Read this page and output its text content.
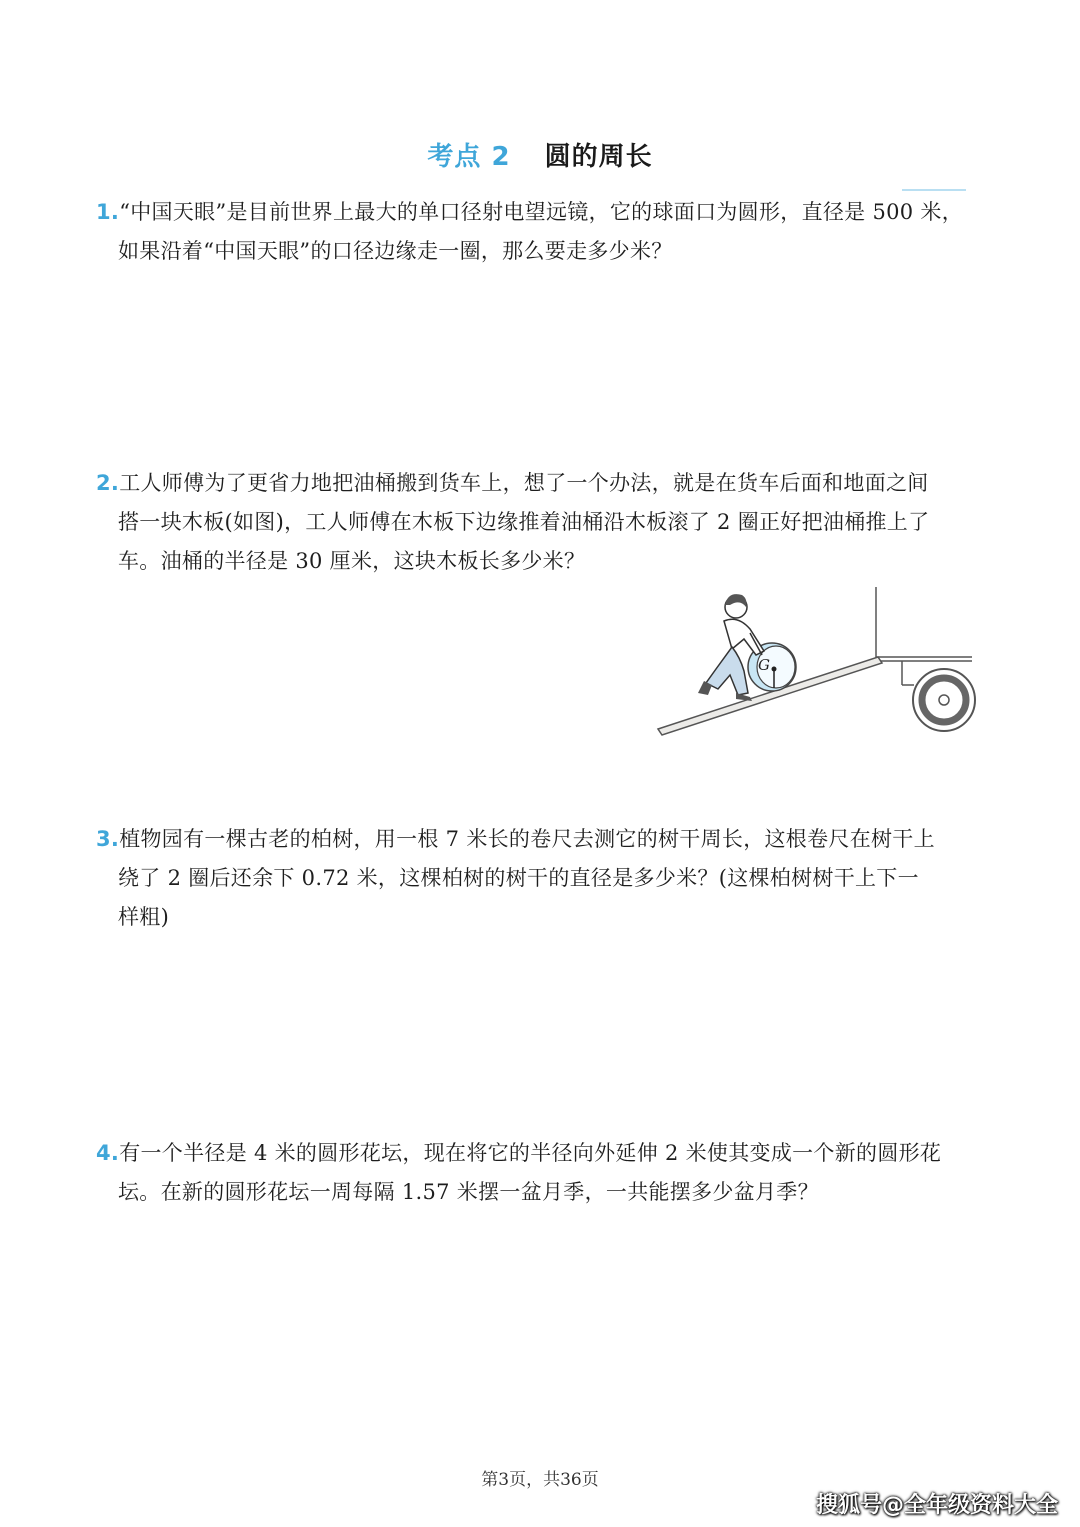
考点 2 圆的周长
1.“中国天眼”是目前世界上最大的单口径射电望远镜，它的球面口为圆形，直径是 500 米，
如果沿着“中国天眼”的口径边缘走一圈，那么要走多少米？
2.工人师傅为了更省力地把油桶搬到货车上，想了一个办法，就是在货车后面和地面之间
搭一块木板(如图)，工人师傅在木板下边缘推着油桶沿木板滚了 2 圈正好把油桶推上了
车。油桶的半径是 30 厘米，这块木板长多少米？
G
3.植物园有一棵古老的柏树，用一根 7 米长的卷尺去测它的树干周长，这根卷尺在树干上
绕了 2 圈后还余下 0.72 米，这棵柏树的树干的直径是多少米？(这棵柏树树干上下一
样粗)
4.有一个半径是 4 米的圆形花坛，现在将它的半径向外延伸 2 米使其变成一个新的圆形花
坛。在新的圆形花坛一周每隔 1.57 米摆一盆月季，一共能摆多少盆月季？
第3页，共36页
搜狐号@全年级资料大全
